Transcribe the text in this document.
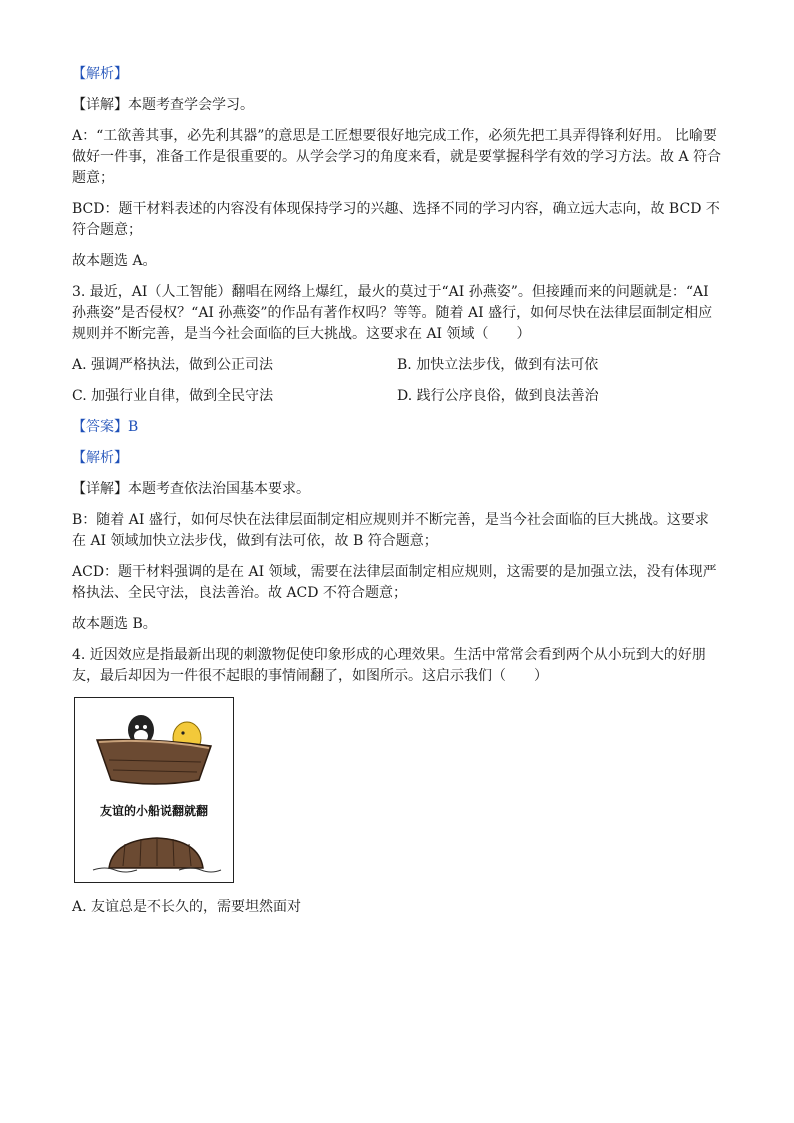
【解析】

【详解】本题考查学会学习。

A：“工欲善其事，必先利其器”的意思是工匠想要很好地完成工作，必须先把工具弄得锋利好用。 比喻要做好一件事，准备工作是很重要的。从学会学习的角度来看，就是要掌握科学有效的学习方法。故 A 符合题意；

BCD：题干材料表述的内容没有体现保持学习的兴趣、选择不同的学习内容，确立远大志向，故 BCD 不符合题意；

故本题选 A。

3. 最近，AI（人工智能）翻唱在网络上爆红，最火的莫过于“AI 孙燕姿”。但接踵而来的问题就是：“AI 孙燕姿”是否侵权？“AI 孙燕姿”的作品有著作权吗？等等。随着 AI 盛行，如何尽快在法律层面制定相应规则并不断完善，是当今社会面临的巨大挑战。这要求在 AI 领域（　　）

A. 强调严格执法，做到公正司法	B. 加快立法步伐，做到有法可依
C. 加强行业自律，做到全民守法	D. 践行公序良俗，做到良法善治

【答案】B

【解析】

【详解】本题考查依法治国基本要求。

B：随着 AI 盛行，如何尽快在法律层面制定相应规则并不断完善，是当今社会面临的巨大挑战。这要求在 AI 领域加快立法步伐，做到有法可依，故 B 符合题意；

ACD：题干材料强调的是在 AI 领域，需要在法律层面制定相应规则，这需要的是加强立法，没有体现严格执法、全民守法，良法善治。故 ACD 不符合题意；

故本题选 B。

4. 近因效应是指最新出现的刺激物促使印象形成的心理效果。生活中常常会看到两个从小玩到大的好朋友，最后却因为一件很不起眼的事情闹翻了，如图所示。这启示我们（　　）

友谊的小船说翻就翻

A. 友谊总是不长久的，需要坦然面对
